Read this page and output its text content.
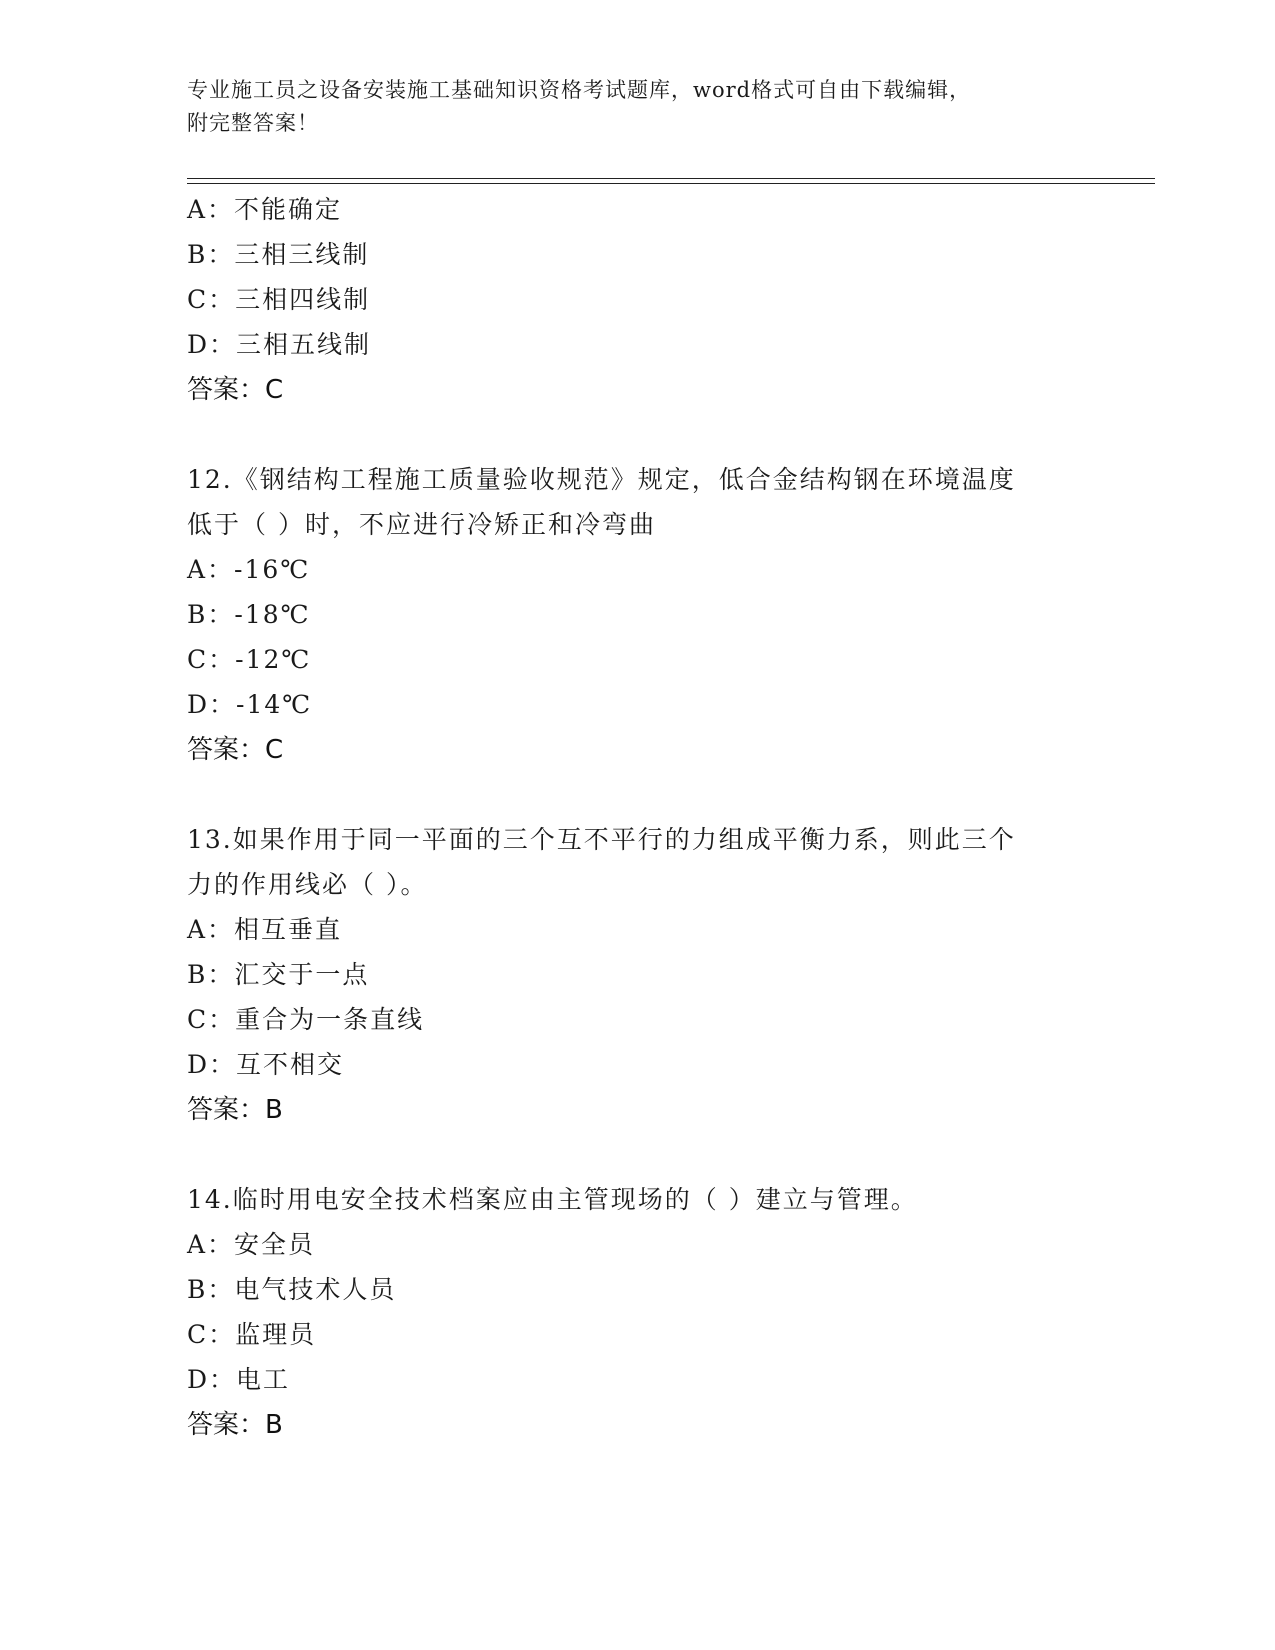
专业施工员之设备安装施工基础知识资格考试题库，word格式可自由下载编辑，
附完整答案！
A：不能确定
B：三相三线制
C：三相四线制
D：三相五线制
答案：C
12.《钢结构工程施工质量验收规范》规定，低合金结构钢在环境温度
低于（ ）时，不应进行冷矫正和冷弯曲
A：-16℃
B：-18℃
C：-12℃
D：-14℃
答案：C
13.如果作用于同一平面的三个互不平行的力组成平衡力系，则此三个
力的作用线必（ ）。
A：相互垂直
B：汇交于一点
C：重合为一条直线
D：互不相交
答案：B
14.临时用电安全技术档案应由主管现场的（ ）建立与管理。
A：安全员
B：电气技术人员
C：监理员
D：电工
答案：B
